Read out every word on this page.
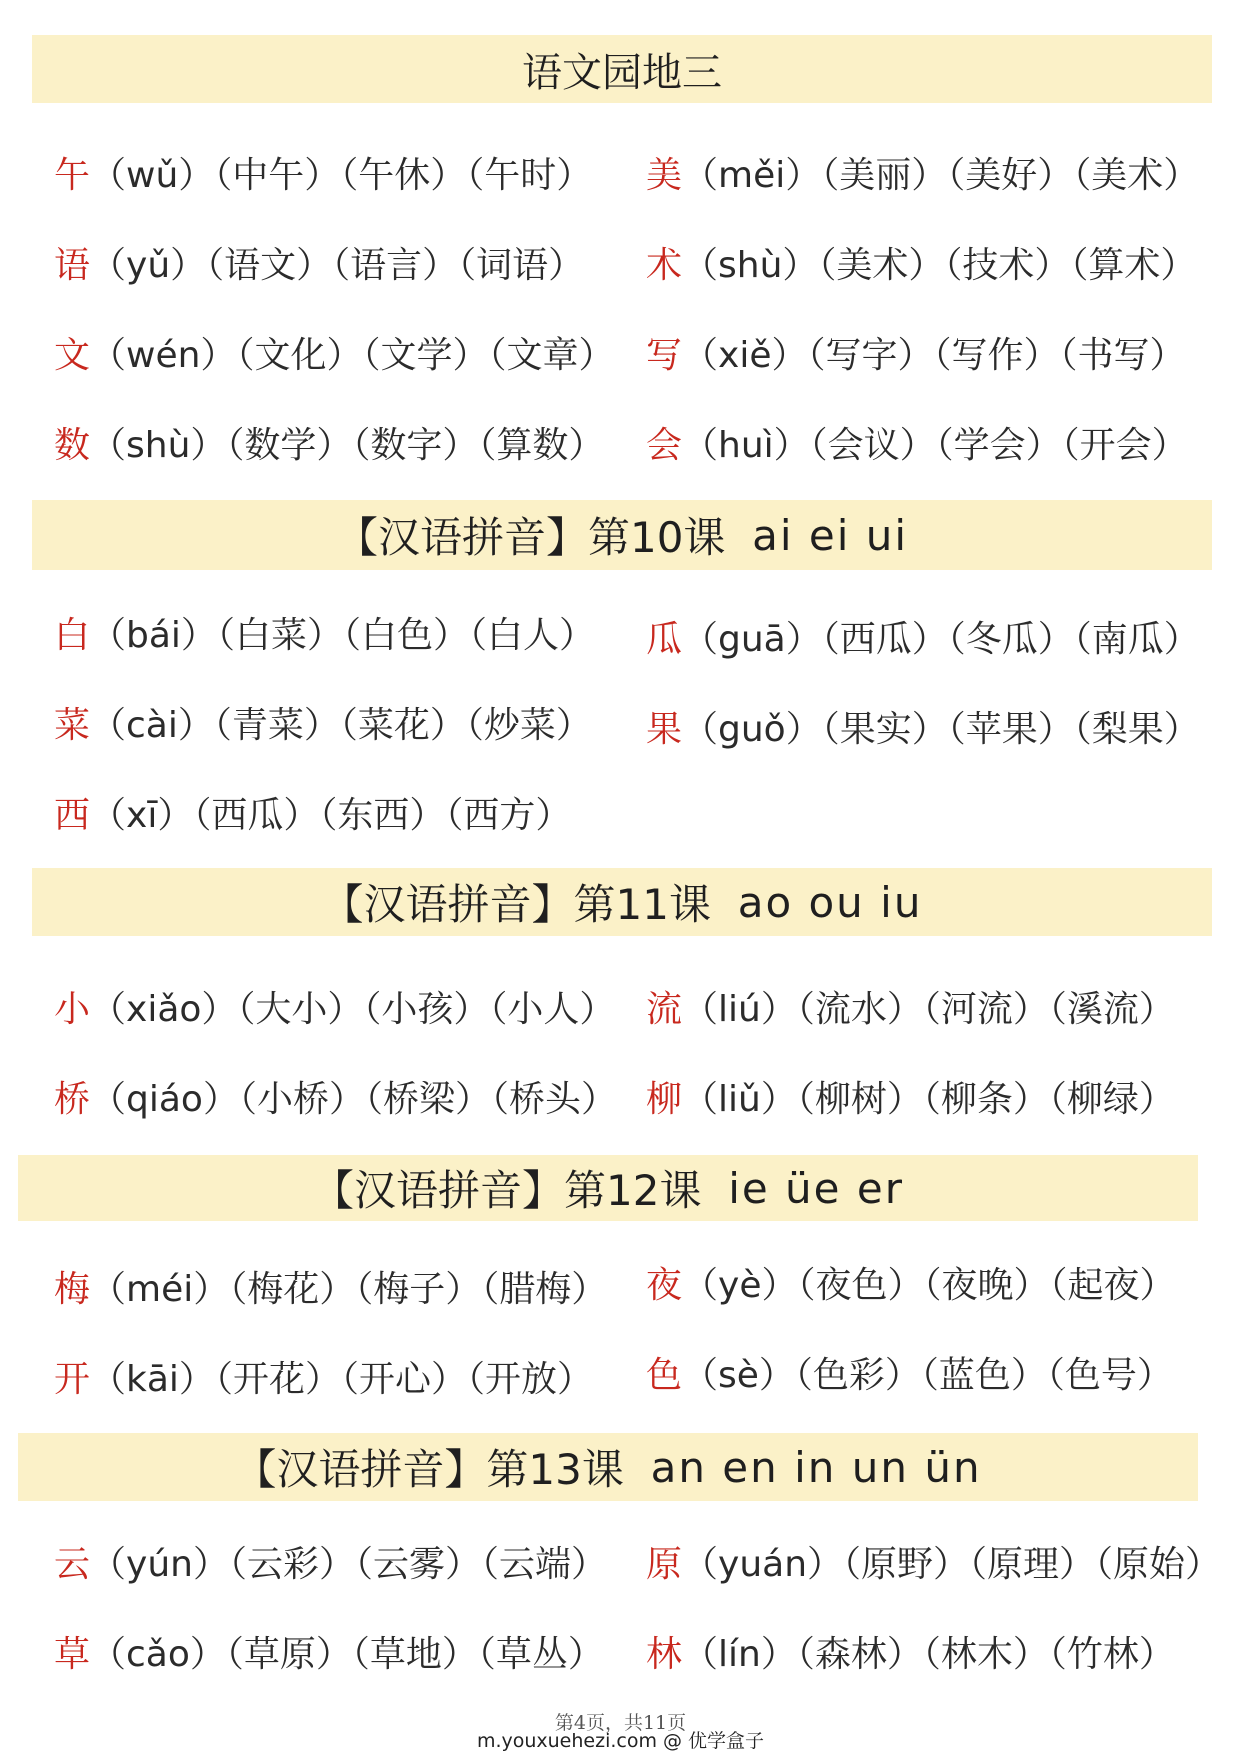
语文园地三
午（wǔ）（中午）（午休）（午时） 美（měi）（美丽）（美好）（美术）
语（yǔ）（语文）（语言）（词语） 术（shù）（美术）（技术）（算术）
文（wén）（文化）（文学）（文章） 写（xiě）（写字）（写作）（书写）
数（shù）（数学）（数字）（算数） 会（huì）（会议）（学会）（开会）
【汉语拼音】第10课
ai ei ui
白（bái）（白菜）（白色）（白人） 瓜（guā）（西瓜）（冬瓜）（南瓜）
菜（cài）（青菜）（菜花）（炒菜） 果（guǒ）（果实）（苹果）（梨果）
西（xī）（西瓜）（东西）（西方）
【汉语拼音】第11课
ao ou iu
小（xiǎo）（大小）（小孩）（小人） 流（liú）（流水）（河流）（溪流）
桥（qiáo）（小桥）（桥梁）（桥头） 柳（liǔ）（柳树）（柳条）（柳绿）
【汉语拼音】第12课
ie üe er
梅（méi）（梅花）（梅子）（腊梅） 夜（yè）（夜色）（夜晚）（起夜）
开（kāi）（开花）（开心）（开放） 色（sè）（色彩）（蓝色）（色号）
【汉语拼音】第13课
an en in un ün
云（yún）（云彩）（云雾）（云端） 原（yuán）（原野）（原理）（原始）
草（cǎo）（草原）（草地）（草丛） 林（lín）（森林）（林木）（竹林）
第4页，共11页
m.youxuehezi.com @ 优学盒子
